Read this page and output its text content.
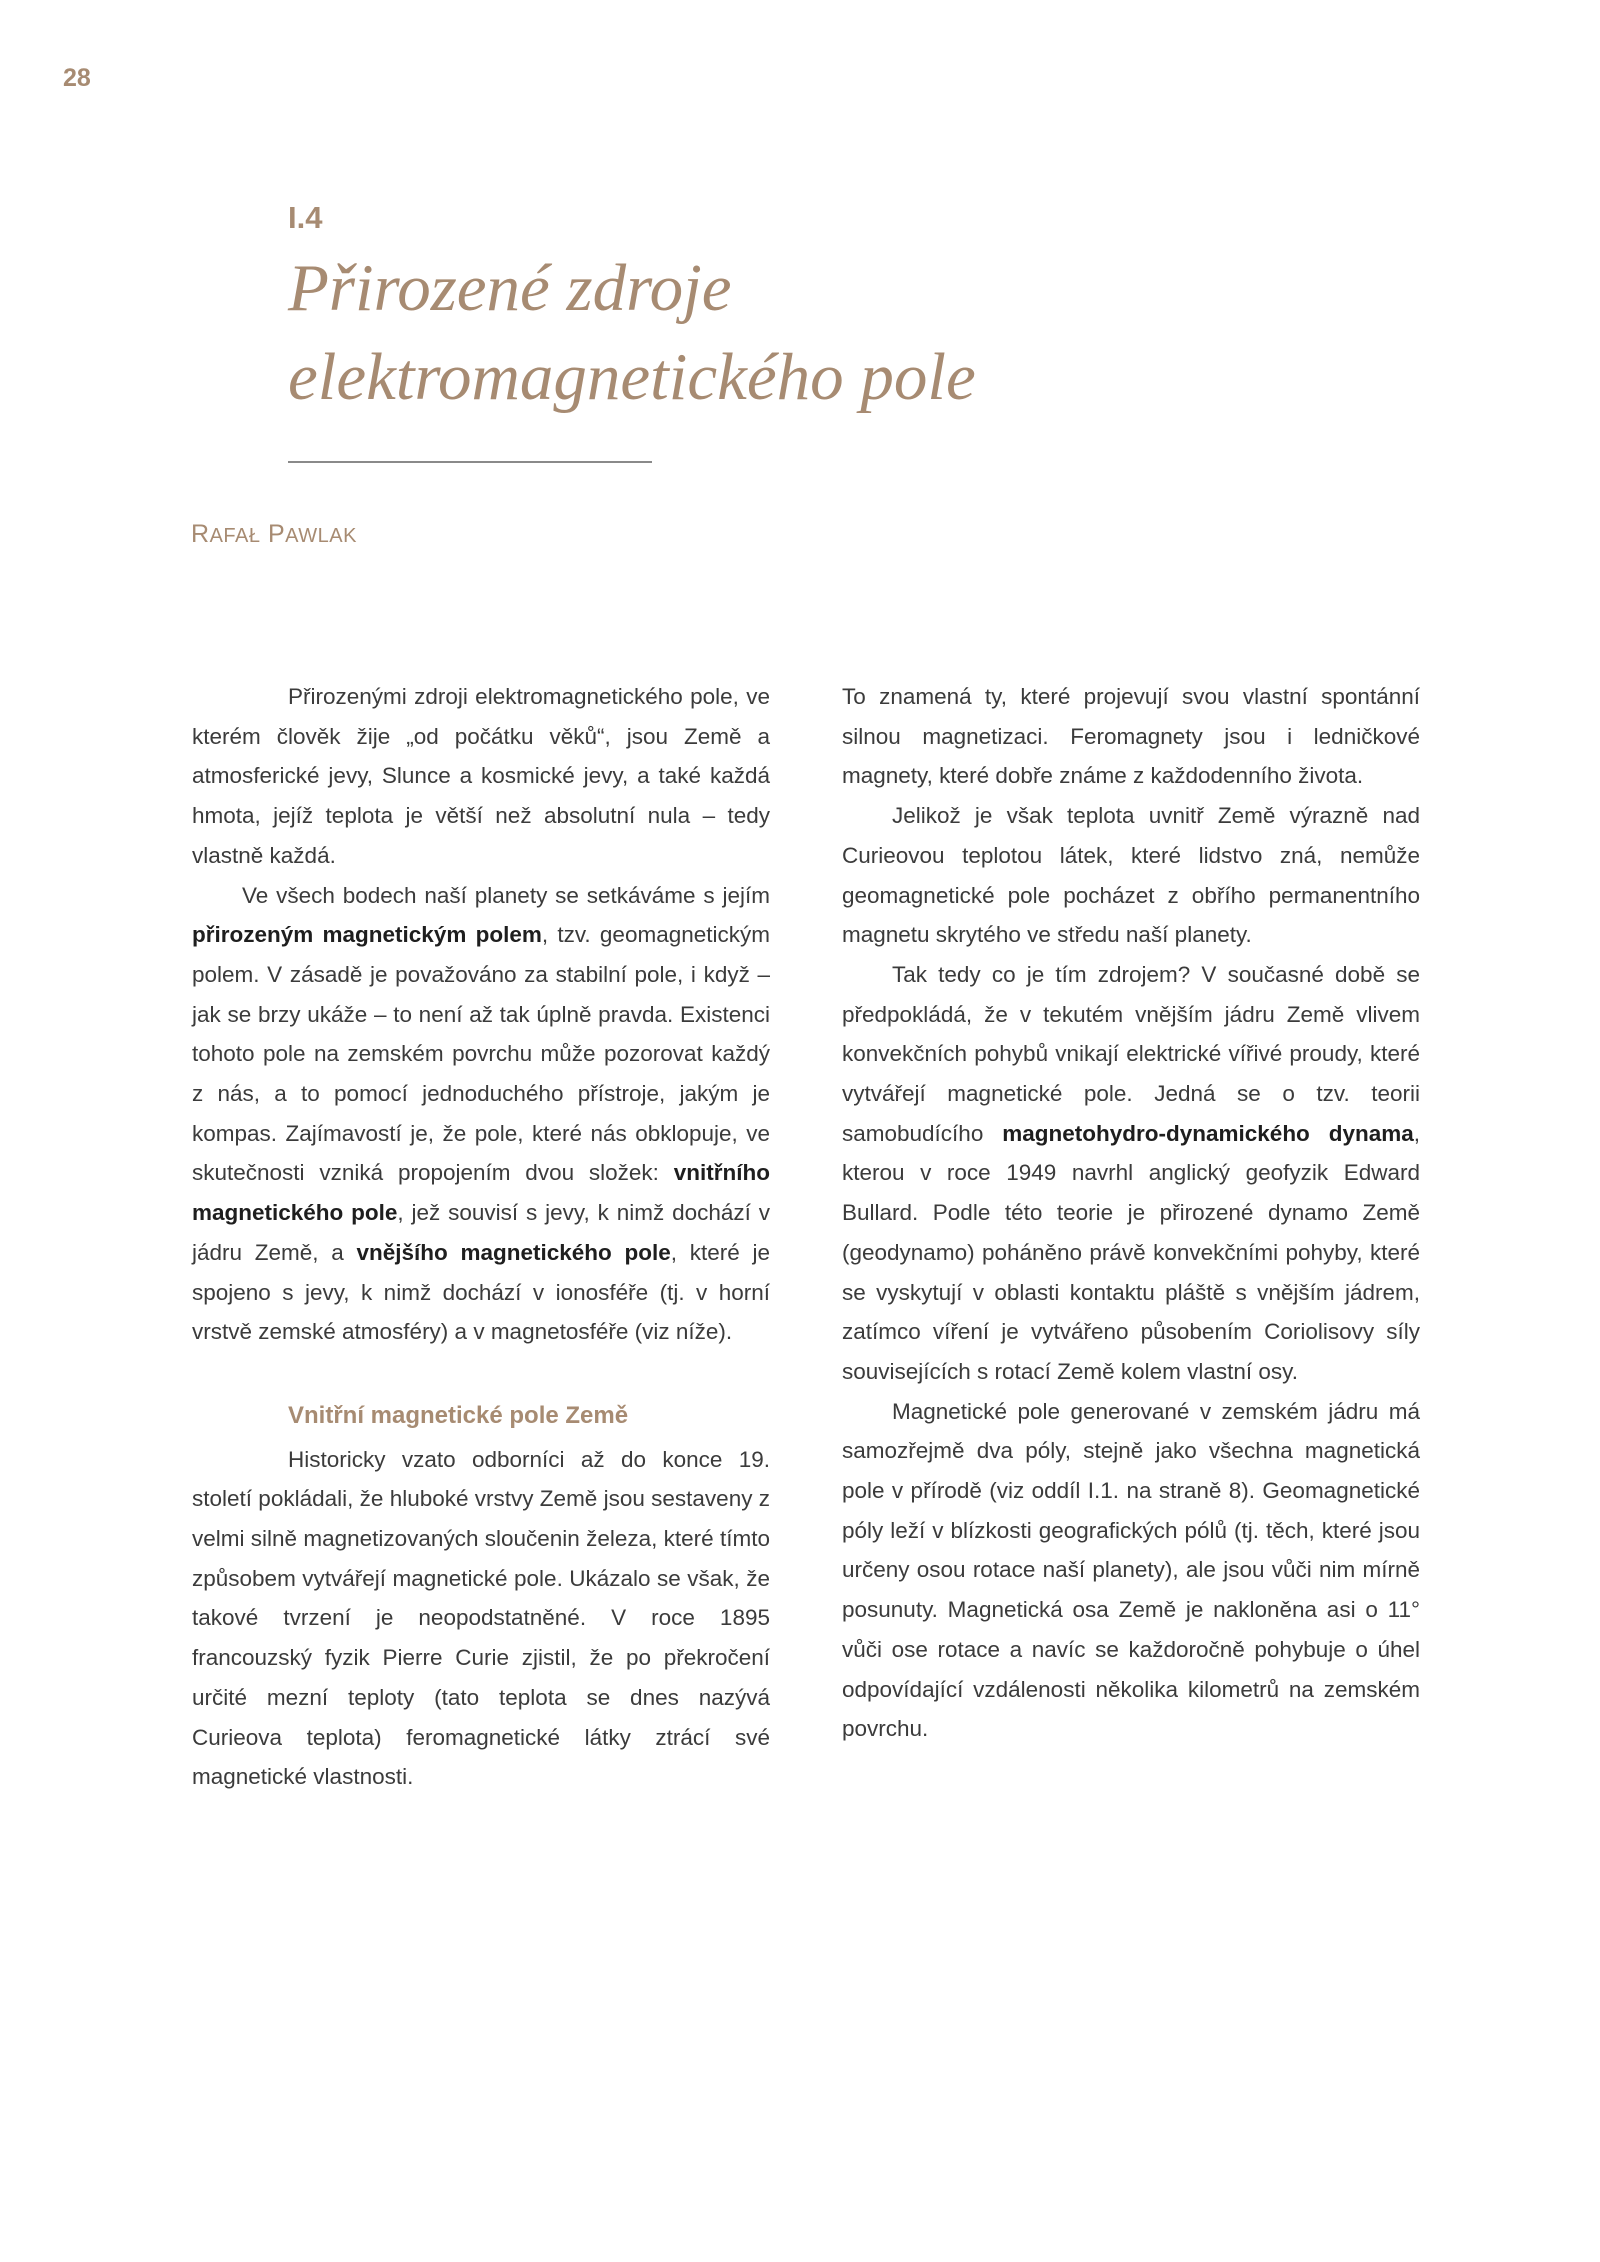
28
I.4
Přirozené zdroje
elektromagnetického pole
RAFAŁ PAWLAK

Přirozenými zdroji elektromagnetického pole, ve kterém člověk žije „od počátku věků“, jsou Země a atmosferické jevy, Slunce a kosmické jevy, a také každá hmota, jejíž teplota je větší než absolutní nula – tedy vlastně každá.

Ve všech bodech naší planety se setkáváme s jejím přirozeným magnetickým polem, tzv. geomagnetickým polem. V zásadě je považováno za stabilní pole, i když – jak se brzy ukáže – to není až tak úplně pravda. Existenci tohoto pole na zemském povrchu může pozorovat každý z nás, a to pomocí jednoduchého přístroje, jakým je kompas. Zajímavostí je, že pole, které nás obklopuje, ve skutečnosti vzniká propojením dvou složek: vnitřního magnetického pole, jež souvisí s jevy, k nimž dochází v jádru Země, a vnějšího magnetického pole, které je spojeno s jevy, k nimž dochází v ionosféře (tj. v horní vrstvě zemské atmosféry) a v magnetosféře (viz níže).

Vnitřní magnetické pole Země

Historicky vzato odborníci až do konce 19. století pokládali, že hluboké vrstvy Země jsou sestaveny z velmi silně magnetizovaných sloučenin železa, které tímto způsobem vytvářejí magnetické pole. Ukázalo se však, že takové tvrzení je neopodstatněné. V roce 1895 francouzský fyzik Pierre Curie zjistil, že po překročení určité mezní teploty (tato teplota se dnes nazývá Curieova teplota) feromagnetické látky ztrácí své magnetické vlastnosti.

To znamená ty, které projevují svou vlastní spontánní silnou magnetizaci. Feromagnety jsou i ledničkové magnety, které dobře známe z každodenního života.

Jelikož je však teplota uvnitř Země výrazně nad Curieovou teplotou látek, které lidstvo zná, nemůže geomagnetické pole pocházet z obřího permanentního magnetu skrytého ve středu naší planety.

Tak tedy co je tím zdrojem? V současné době se předpokládá, že v tekutém vnějším jádru Země vlivem konvekčních pohybů vnikají elektrické vířivé proudy, které vytvářejí magnetické pole. Jedná se o tzv. teorii samobudícího magnetohydro-dynamického dynama, kterou v roce 1949 navrhl anglický geofyzik Edward Bullard. Podle této teorie je přirozené dynamo Země (geodynamo) poháněno právě konvekčními pohyby, které se vyskytují v oblasti kontaktu pláště s vnějším jádrem, zatímco víření je vytvářeno působením Coriolisovy síly souvisejících s rotací Země kolem vlastní osy.

Magnetické pole generované v zemském jádru má samozřejmě dva póly, stejně jako všechna magnetická pole v přírodě (viz oddíl I.1. na straně 8). Geomagnetické póly leží v blízkosti geografických pólů (tj. těch, které jsou určeny osou rotace naší planety), ale jsou vůči nim mírně posunuty. Magnetická osa Země je nakloněna asi o 11° vůči ose rotace a navíc se každoročně pohybuje o úhel odpovídající vzdálenosti několika kilometrů na zemském povrchu.
